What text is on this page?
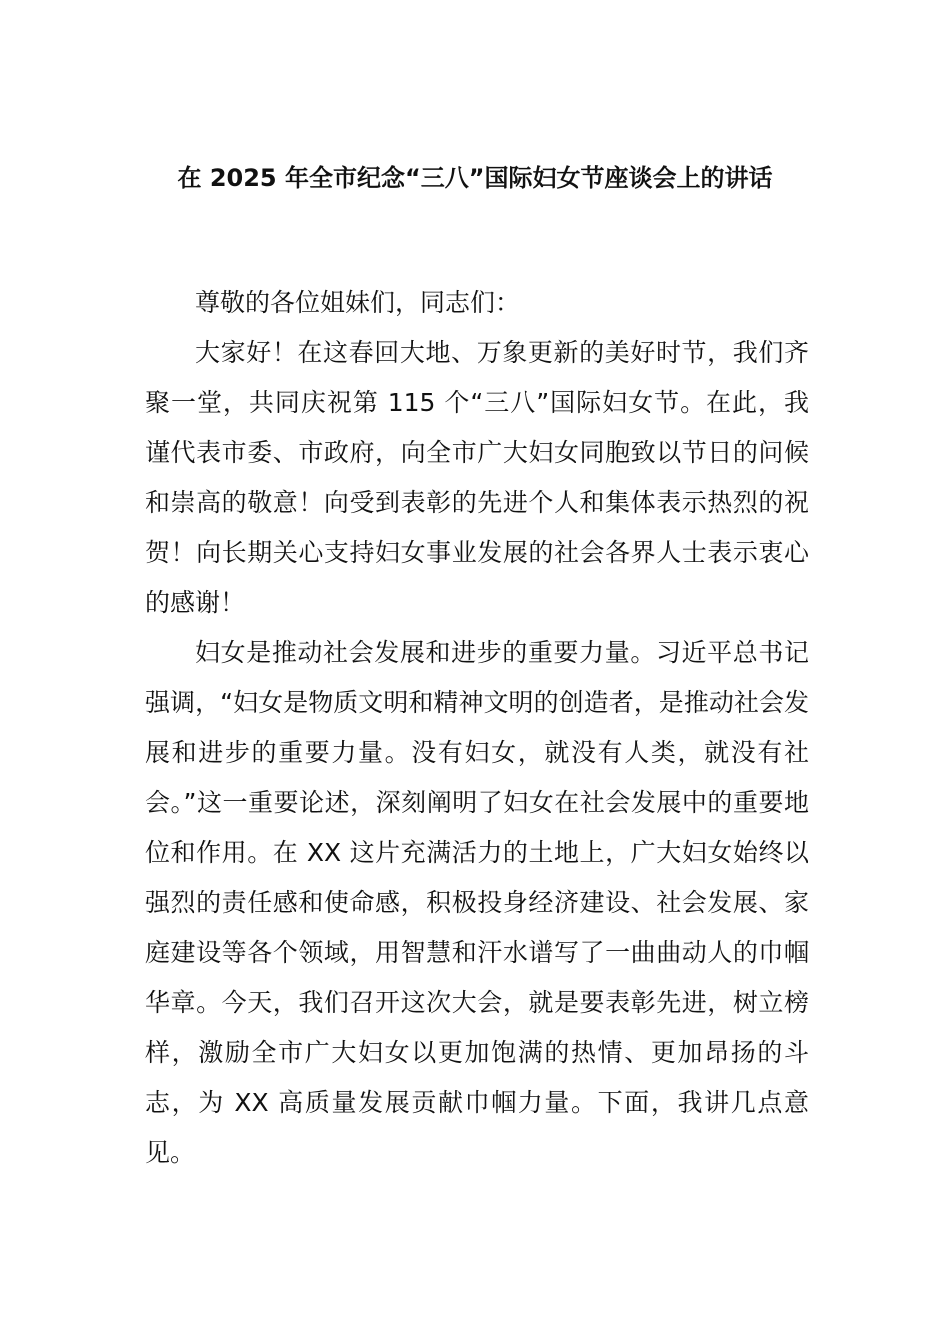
在 2025 年全市纪念“三八”国际妇女节座谈会上的讲话

尊敬的各位姐妹们，同志们：

大家好！在这春回大地、万象更新的美好时节，我们齐聚一堂，共同庆祝第 115 个“三八”国际妇女节。在此，我谨代表市委、市政府，向全市广大妇女同胞致以节日的问候和崇高的敬意！向受到表彰的先进个人和集体表示热烈的祝贺！向长期关心支持妇女事业发展的社会各界人士表示衷心的感谢！

妇女是推动社会发展和进步的重要力量。习近平总书记强调，“妇女是物质文明和精神文明的创造者，是推动社会发展和进步的重要力量。没有妇女，就没有人类，就没有社会。”这一重要论述，深刻阐明了妇女在社会发展中的重要地位和作用。在 XX 这片充满活力的土地上，广大妇女始终以强烈的责任感和使命感，积极投身经济建设、社会发展、家庭建设等各个领域，用智慧和汗水谱写了一曲曲动人的巾帼华章。今天，我们召开这次大会，就是要表彰先进，树立榜样，激励全市广大妇女以更加饱满的热情、更加昂扬的斗志，为 XX 高质量发展贡献巾帼力量。下面，我讲几点意见。
